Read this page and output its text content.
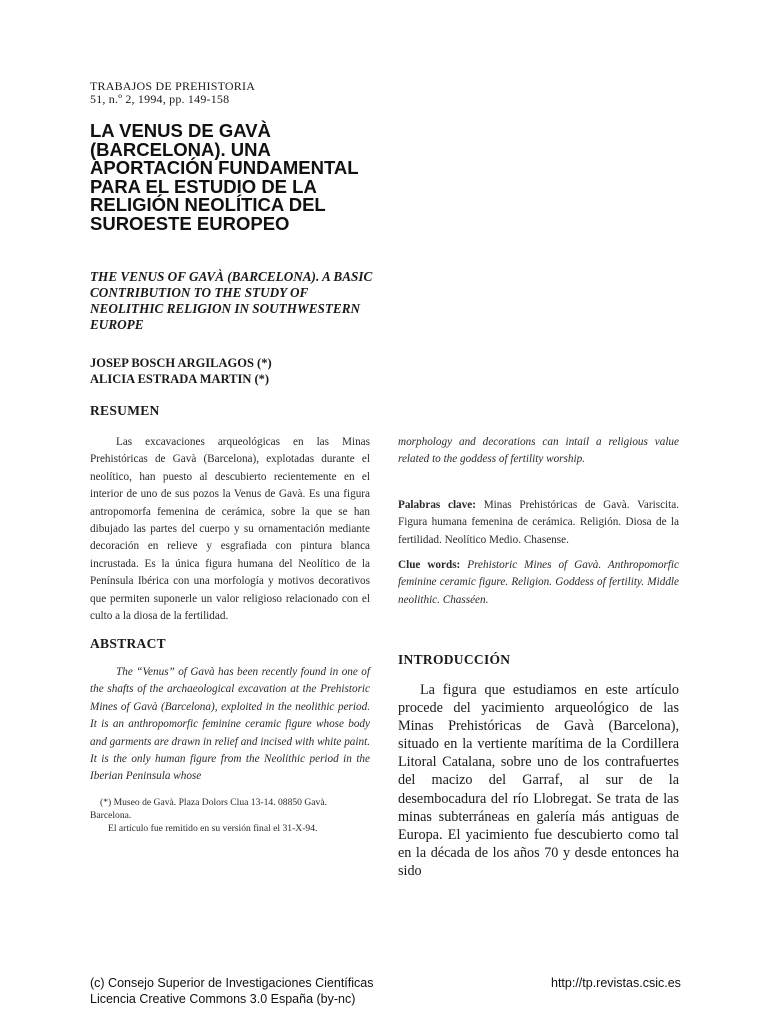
TRABAJOS DE PREHISTORIA
51, n.º 2, 1994, pp. 149-158
LA VENUS DE GAVÀ (BARCELONA). UNA APORTACIÓN FUNDAMENTAL PARA EL ESTUDIO DE LA RELIGIÓN NEOLÍTICA DEL SUROESTE EUROPEO
THE VENUS OF GAVÀ (BARCELONA). A BASIC CONTRIBUTION TO THE STUDY OF NEOLITHIC RELIGION IN SOUTHWESTERN EUROPE
JOSEP BOSCH ARGILAGOS (*)
ALICIA ESTRADA MARTIN (*)
RESUMEN

Las excavaciones arqueológicas en las Minas Prehistóricas de Gavà (Barcelona), explotadas durante el neolítico, han puesto al descubierto recientemente en el interior de uno de sus pozos la Venus de Gavà. Es una figura antropomorfa femenina de cerámica, sobre la que se han dibujado las partes del cuerpo y su ornamentación mediante decoración en relieve y esgrafiada con pintura blanca incrustada. Es la única figura humana del Neolítico de la Península Ibérica con una morfología y motivos decorativos que permiten suponerle un valor religioso relacionado con el culto a la diosa de la fertilidad.

ABSTRACT

The “Venus” of Gavà has been recently found in one of the shafts of the archaeological excavation at the Prehistoric Mines of Gavà (Barcelona), exploited in the neolithic period. It is an anthropomorfic feminine ceramic figure whose body and garments are drawn in relief and incised with white paint. It is the only human figure from the Neolithic period in the Iberian Peninsula whose

(*) Museo de Gavà. Plaza Dolors Clua 13-14. 08850 Gavà. Barcelona.
El artículo fue remitido en su versión final el 31-X-94.
morphology and decorations can intail a religious value related to the goddess of fertility worship.
Palabras clave: Minas Prehistóricas de Gavà. Variscita. Figura humana femenina de cerámica. Religión. Diosa de la fertilidad. Neolítico Medio. Chasense.
Clue words: Prehistoric Mines of Gavà. Anthropomorfic feminine ceramic figure. Religion. Goddess of fertility. Middle neolithic. Chasséen.
INTRODUCCIÓN

La figura que estudiamos en este artículo procede del yacimiento arqueológico de las Minas Prehistóricas de Gavà (Barcelona), situado en la vertiente marítima de la Cordillera Litoral Catalana, sobre uno de los contrafuertes del macizo del Garraf, al sur de la desembocadura del río Llobregat. Se trata de las minas subterráneas en galería más antiguas de Europa. El yacimiento fue descubierto como tal en la década de los años 70 y desde entonces ha sido

(c) Consejo Superior de Investigaciones Científicas
Licencia Creative Commons 3.0 España (by-nc)
http://tp.revistas.csic.es
